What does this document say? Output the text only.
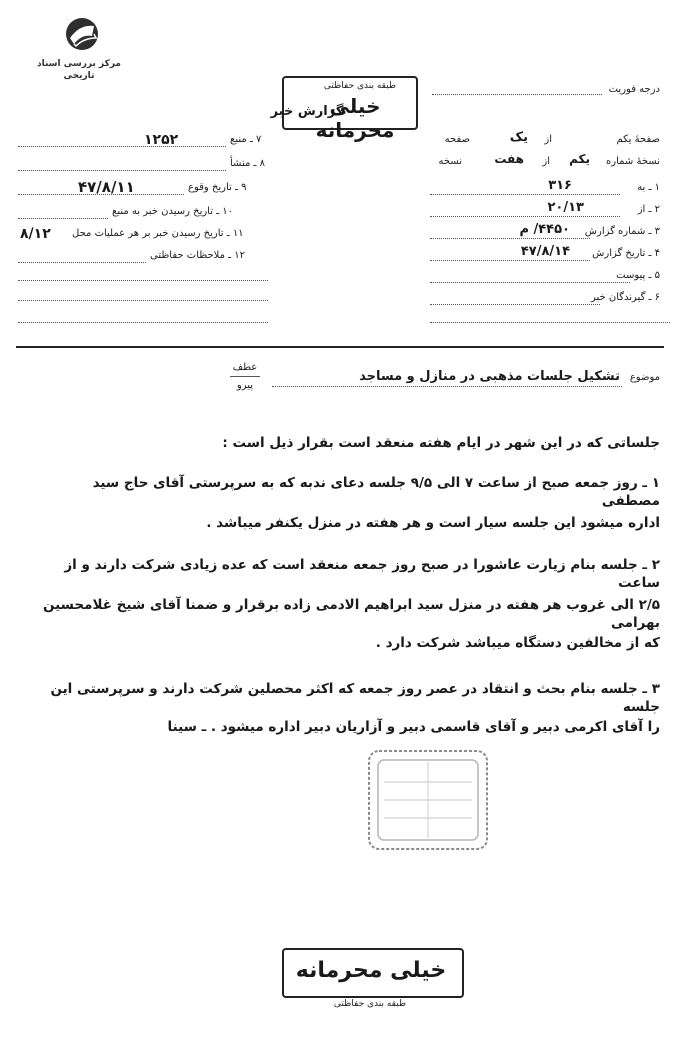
مرکز بررسی اسناد تاریخی
طبقه بندی حفاظتی
خیلی محرمانه
گزارش خبر
درجه فوریت
صفحهٔ یکم
از
یک
صفحه
نسخهٔ شماره
یکم
از
هفت
نسخه
۱ ـ به
۳۱۶
۲ ـ از
۲۰/۱۳
۳ ـ شماره گزارش
۴۴۵۰/ م
۴ ـ تاریخ گزارش
۴۷/۸/۱۴
۵ ـ پیوست
۶ ـ گیرندگان خبر
۷ ـ منبع
۱۲۵۲
۸ ـ منشأ
۹ ـ تاریخ وقوع
۴۷/۸/۱۱
۱۰ ـ تاریخ رسیدن خبر به منبع
۱۱ ـ تاریخ رسیدن خبر بر هر عملیات محل
۸/۱۲
۱۲ ـ ملاحظات حفاظتی
موضوع
تشکیل جلسات مذهبی در منازل و مساجد
عطف
پیرو
جلساتی که در این شهر در ایام هفته منعقد است بقرار ذیل است :
۱ ـ روز جمعه صبح از ساعت ۷ الی ۹/۵ جلسه دعای ندبه که به سرپرستی آقای حاج سید مصطفی
اداره میشود این جلسه سیار است و هر هفته در منزل یکنفر میباشد .
۲ ـ جلسه بنام زیارت عاشورا در صبح روز جمعه منعقد است که عده زیادی شرکت دارند و از ساعت
۲/۵ الی غروب هر هفته در منزل سید ابراهیم الادمی زاده برقرار و ضمنا آقای شیخ غلامحسین بهرامی
که از مخالفین دستگاه میباشد شرکت دارد .
۳ ـ جلسه بنام بحث و انتقاد در عصر روز جمعه که اکثر محصلین شرکت دارند و سرپرستی این جلسه
را آقای اکرمی دبیر و آقای قاسمی دبیر و آزاریان دبیر اداره میشود . ـ سینا
خیلی محرمانه
طبقه بندی حفاظتی
